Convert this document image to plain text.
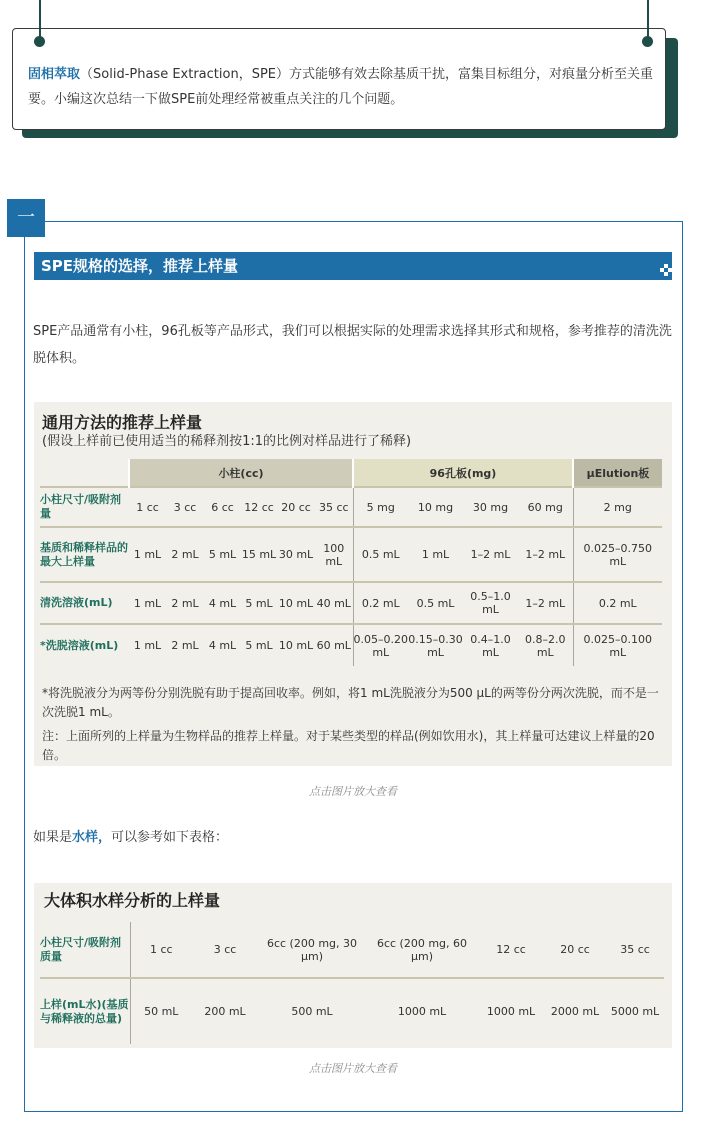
固相萃取（Solid-Phase Extraction，SPE）方式能够有效去除基质干扰，富集目标组分，对痕量分析至关重要。小编这次总结一下做SPE前处理经常被重点关注的几个问题。
一
SPE规格的选择，推荐上样量
SPE产品通常有小柱，96孔板等产品形式，我们可以根据实际的处理需求选择其形式和规格，参考推荐的清洗洗脱体积。
通用方法的推荐上样量
(假设上样前已使用适当的稀释剂按1:1的比例对样品进行了稀释)
	小柱(cc)						96孔板(mg)				μElution板
小柱尺寸/吸附剂量	1 cc	3 cc	6 cc	12 cc	20 cc	35 cc	5 mg	10 mg	30 mg	60 mg	2 mg
基质和稀释样品的最大上样量	1 mL	2 mL	5 mL	15 mL	30 mL	100 mL	0.5 mL	1 mL	1–2 mL	1–2 mL	0.025–0.750 mL
清洗溶液(mL)	1 mL	2 mL	4 mL	5 mL	10 mL	40 mL	0.2 mL	0.5 mL	0.5–1.0 mL	1–2 mL	0.2 mL
*洗脱溶液(mL)	1 mL	2 mL	4 mL	5 mL	10 mL	60 mL	0.05–0.20 mL	0.15–0.30 mL	0.4–1.0 mL	0.8–2.0 mL	0.025–0.100 mL
*将洗脱液分为两等份分别洗脱有助于提高回收率。例如，将1 mL洗脱液分为500 μL的两等份分两次洗脱，而不是一次洗脱1 mL。
注：上面所列的上样量为生物样品的推荐上样量。对于某些类型的样品(例如饮用水)，其上样量可达建议上样量的20倍。
点击图片放大查看
如果是水样，可以参考如下表格：
大体积水样分析的上样量
小柱尺寸/吸附剂质量	1 cc	3 cc	6cc (200 mg, 30 μm)	6cc (200 mg, 60 μm)	12 cc	20 cc	35 cc
上样(mL水)(基质与稀释液的总量)	50 mL	200 mL	500 mL	1000 mL	1000 mL	2000 mL	5000 mL
点击图片放大查看
